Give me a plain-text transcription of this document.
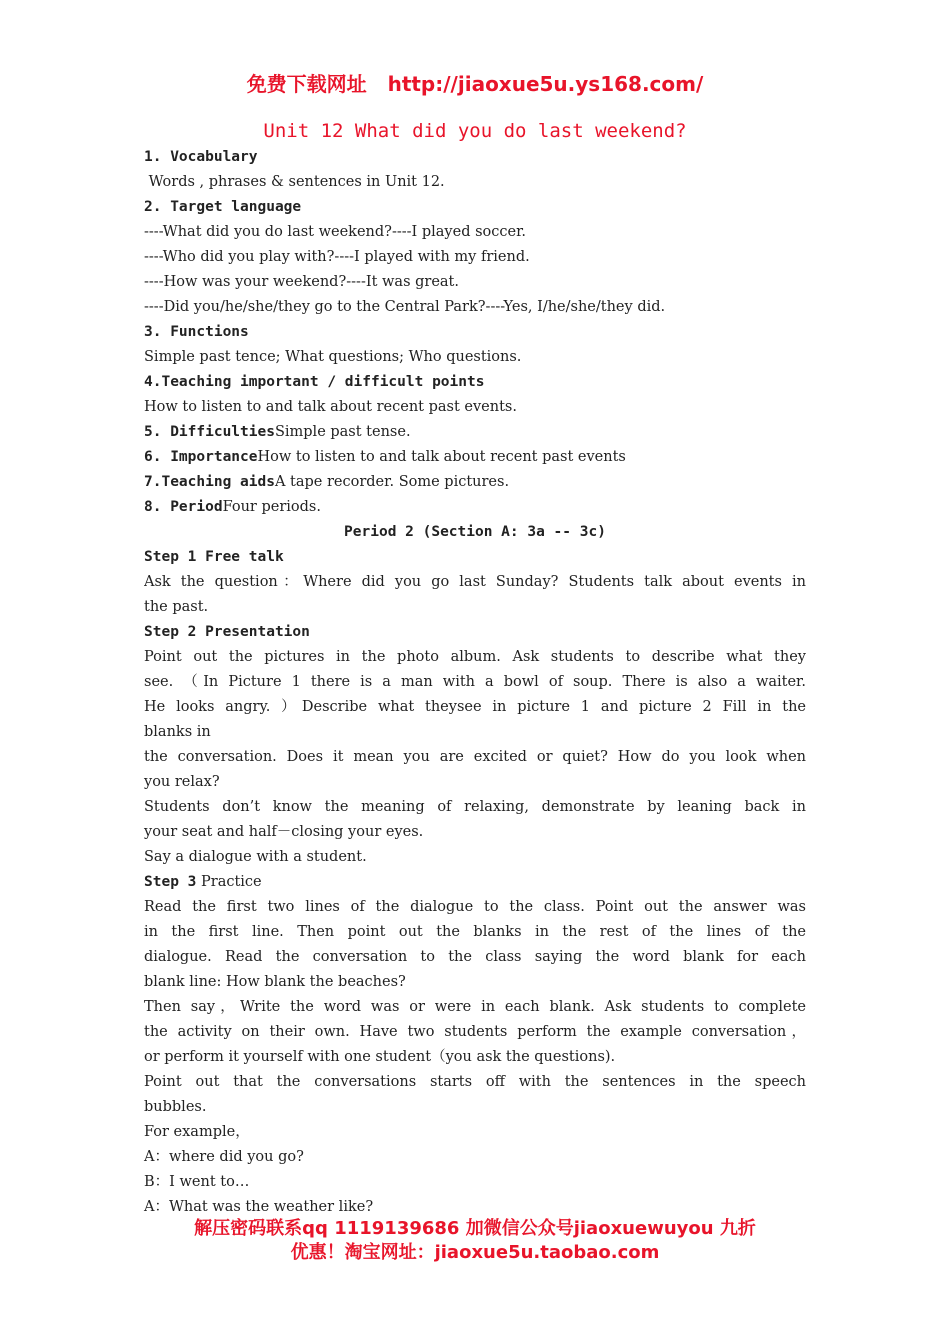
免费下载网址   http://jiaoxue5u.ys168.com/
Unit 12 What did you do last weekend?
1. Vocabulary
Words , phrases & sentences in Unit 12.
2. Target language
----What did you do last weekend?----I played soccer.
----Who did you play with?----I played with my friend.
----How was your weekend?----It was great.
----Did you/he/she/they go to the Central Park?----Yes, I/he/she/they did.
3. Functions
Simple past tence; What questions; Who questions.
4.Teaching important / difficult points
How to listen to and talk about recent past events.
5. DifficultiesSimple past tense.
6. ImportanceHow to listen to and talk about recent past events
7.Teaching aidsA tape recorder. Some pictures.
8. PeriodFour periods.
Period 2 (Section A: 3a -- 3c)
Step 1 Free talk
Ask the question：Where did you go last Sunday? Students talk about events in
the past.
Step 2 Presentation
Point out the pictures in the photo album. Ask students to describe what they
see. （In Picture 1 there is a man with a bowl of soup. There is also a waiter.
He looks angry. ）Describe what theysee in picture 1 and picture 2 Fill in the
blanks in
the conversation. Does it mean you are excited or quiet? How do you look when
you relax?
Students don’t know the meaning of relaxing, demonstrate by leaning back in
your seat and half－closing your eyes.
Say a dialogue with a student.
Step 3 Practice
Read the first two lines of the dialogue to the class. Point out the answer was
in the first line. Then point out the blanks in the rest of the lines of the
dialogue. Read the conversation to the class saying the word blank for each
blank line: How blank the beaches?
Then say，Write the word was or were in each blank. Ask students to complete
the activity on their own. Have two students perform the example conversation，
or perform it yourself with one student（you ask the questions).
Point out that the conversations starts off with the sentences in the speech
bubbles.
For example，
A：where did you go?
B：I went to…
A：What was the weather like?
解压密码联系qq 1119139686 加微信公众号jiaoxuewuyou 九折
优惠！淘宝网址：jiaoxue5u.taobao.com
